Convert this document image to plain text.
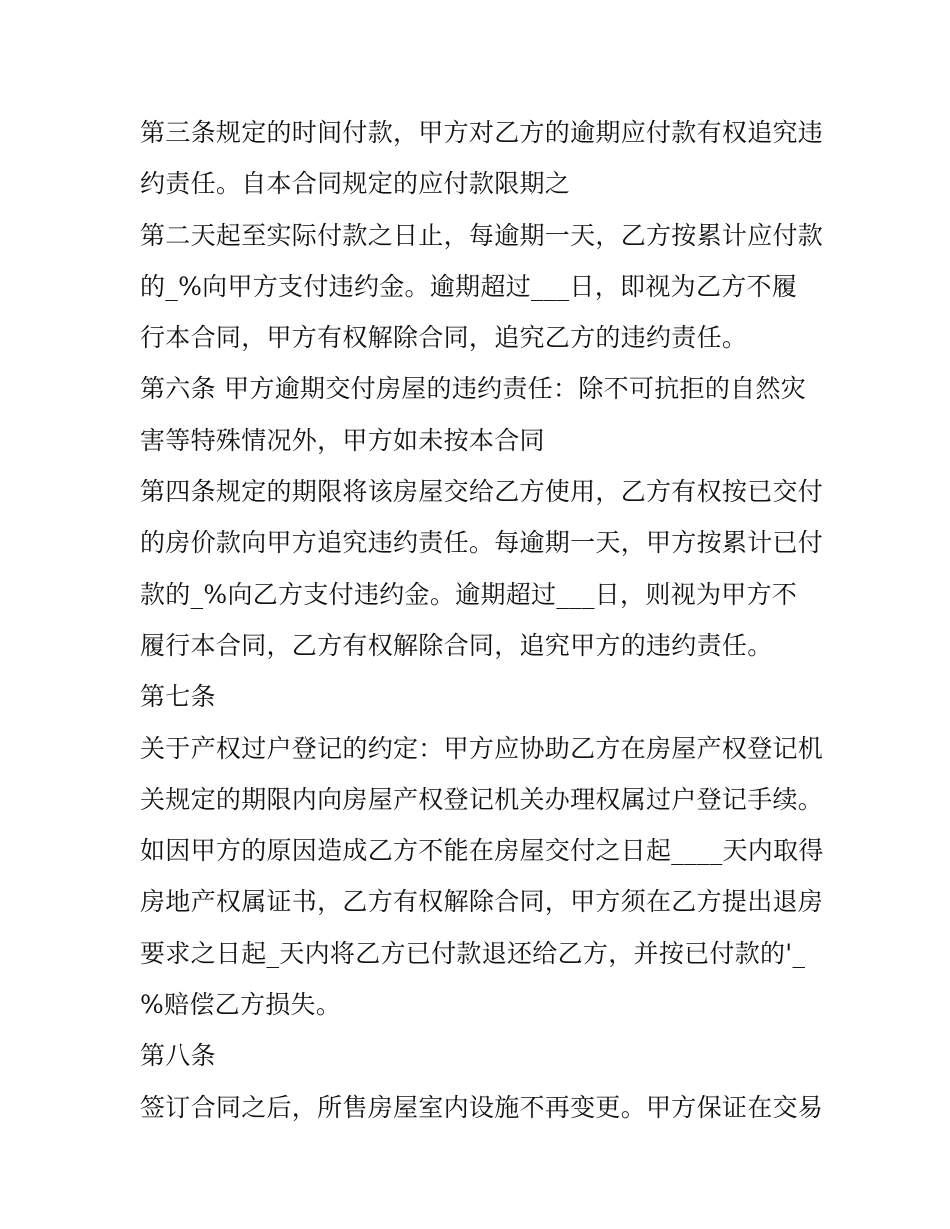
第三条规定的时间付款，甲方对乙方的逾期应付款有权追究违
约责任。自本合同规定的应付款限期之
第二天起至实际付款之日止，每逾期一天，乙方按累计应付款
的_%向甲方支付违约金。逾期超过___日，即视为乙方不履
行本合同，甲方有权解除合同，追究乙方的违约责任。
第六条 甲方逾期交付房屋的违约责任：除不可抗拒的自然灾
害等特殊情况外，甲方如未按本合同
第四条规定的期限将该房屋交给乙方使用，乙方有权按已交付
的房价款向甲方追究违约责任。每逾期一天，甲方按累计已付
款的_%向乙方支付违约金。逾期超过___日，则视为甲方不
履行本合同，乙方有权解除合同，追究甲方的违约责任。
第七条
关于产权过户登记的约定：甲方应协助乙方在房屋产权登记机
关规定的期限内向房屋产权登记机关办理权属过户登记手续。
如因甲方的原因造成乙方不能在房屋交付之日起____天内取得
房地产权属证书，乙方有权解除合同，甲方须在乙方提出退房
要求之日起_天内将乙方已付款退还给乙方，并按已付款的'_
%赔偿乙方损失。
第八条
签订合同之后，所售房屋室内设施不再变更。甲方保证在交易
